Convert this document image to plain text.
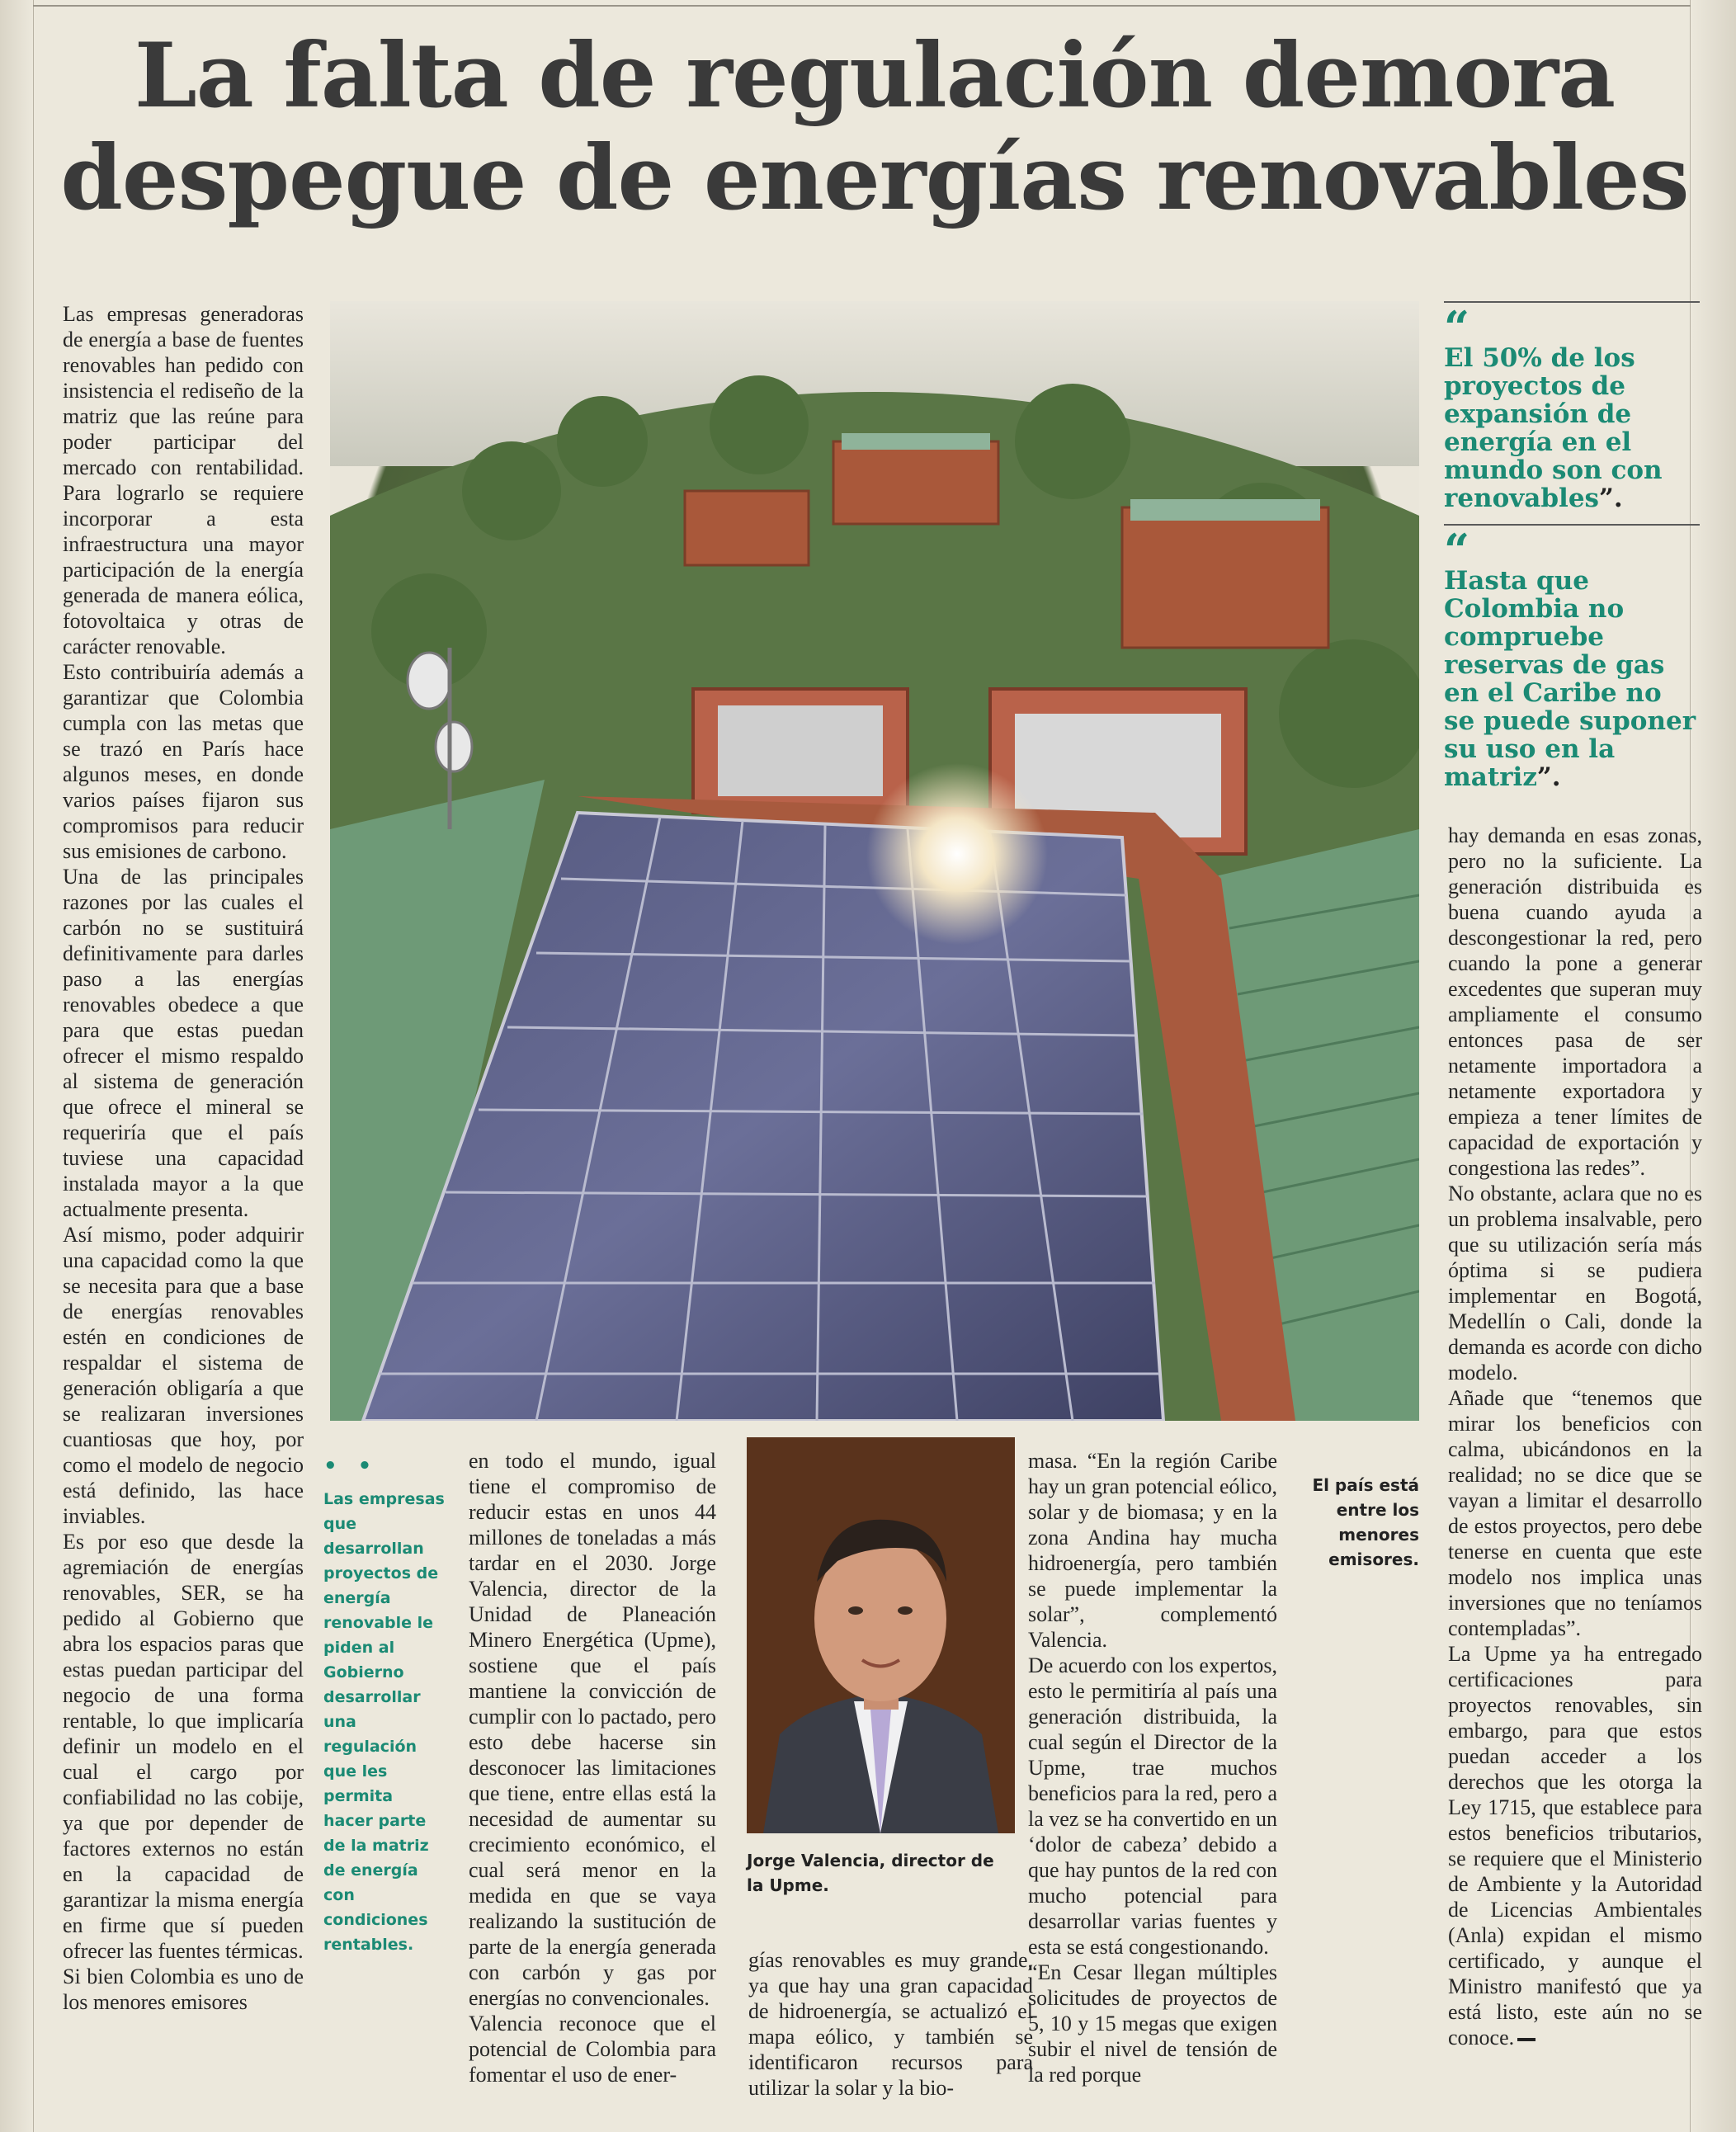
La falta de regulación demora despegue de energías renovables

Las empresas generadoras de energía a base de fuentes renovables han pedido con insistencia el rediseño de la matriz que las reúne para poder participar del mercado con rentabilidad. Para lograrlo se requiere incorporar a esta infraestructura una mayor participación de la energía generada de manera eólica, fotovoltaica y otras de carácter renovable.

Esto contribuiría además a garantizar que Colombia cumpla con las metas que se trazó en París hace algunos meses, en donde varios países fijaron sus compromisos para reducir sus emisiones de carbono.

Una de las principales razones por las cuales el carbón no se sustituirá definitivamente para darles paso a las energías renovables obedece a que para que estas puedan ofrecer el mismo respaldo al sistema de generación que ofrece el mineral se requeriría que el país tuviese una capacidad instalada mayor a la que actualmente presenta.

Así mismo, poder adquirir una capacidad como la que se necesita para que a base de energías renovables estén en condiciones de respaldar el sistema de generación obligaría a que se realizaran inversiones cuantiosas que hoy, por como el modelo de negocio está definido, las hace inviables.

Es por eso que desde la agremiación de energías renovables, SER, se ha pedido al Gobierno que abra los espacios paras que estas puedan participar del negocio de una forma rentable, lo que implicaría definir un modelo en el cual el cargo por confiabilidad no las cobije, ya que por depender de factores externos no están en la capacidad de garantizar la misma energía en firme que sí pueden ofrecer las fuentes térmicas.

Si bien Colombia es uno de los menores emisores

“
El 50% de los proyectos de expansión de energía en el mundo son con renovables”.
“
Hasta que Colombia no compruebe reservas de gas en el Caribe no se puede suponer su uso en la matriz”.

hay demanda en esas zonas, pero no la suficiente. La generación distribuida es buena cuando ayuda a descongestionar la red, pero cuando la pone a generar excedentes que superan muy ampliamente el consumo entonces pasa de ser netamente importadora a netamente exportadora y empieza a tener límites de capacidad de exportación y congestiona las redes”.

No obstante, aclara que no es un problema insalvable, pero que su utilización sería más óptima si se pudiera implementar en Bogotá, Medellín o Cali, donde la demanda es acorde con dicho modelo.

Añade que “tenemos que mirar los beneficios con calma, ubicándonos en la realidad; no se dice que se vayan a limitar el desarrollo de estos proyectos, pero debe tenerse en cuenta que este modelo nos implica unas inversiones que no teníamos contempladas”.

La Upme ya ha entregado certificaciones para proyectos renovables, sin embargo, para que estos puedan acceder a los derechos que les otorga la Ley 1715, que establece para estos beneficios tributarios, se requiere que el Ministerio de Ambiente y la Autoridad de Licencias Ambientales (Anla) expidan el mismo certificado, y aunque el Ministro manifestó que ya está listo, este aún no se conoce.

• •
Las empresas que desarrollan proyectos de energía renovable le piden al Gobierno desarrollar una regulación que les permita hacer parte de la matriz de energía con condiciones rentables.

en todo el mundo, igual tiene el compromiso de reducir estas en unos 44 millones de toneladas a más tardar en el 2030. Jorge Valencia, director de la Unidad de Planeación Minero Energética (Upme), sostiene que el país mantiene la convicción de cumplir con lo pactado, pero esto debe hacerse sin desconocer las limitaciones que tiene, entre ellas está la necesidad de aumentar su crecimiento económico, el cual será menor en la medida en que se vaya realizando la sustitución de parte de la energía generada con carbón y gas por energías no convencionales.

Valencia reconoce que el potencial de Colombia para fomentar el uso de ener-

Jorge Valencia, director de la Upme.

gías renovables es muy grande, ya que hay una gran capacidad de hidroenergía, se actualizó el mapa eólico, y también se identificaron recursos para utilizar la solar y la bio-

masa. “En la región Caribe hay un gran potencial eólico, solar y de biomasa; y en la zona Andina hay mucha hidroenergía, pero también se puede implementar la solar”, complementó Valencia.

De acuerdo con los expertos, esto le permitiría al país una generación distribuida, la cual según el Director de la Upme, trae muchos beneficios para la red, pero a la vez se ha convertido en un ‘dolor de cabeza’ debido a que hay puntos de la red con mucho potencial para desarrollar varias fuentes y esta se está congestionando.

“En Cesar llegan múltiples solicitudes de proyectos de 5, 10 y 15 megas que exigen subir el nivel de tensión de la red porque

El país está entre los menores emisores.
